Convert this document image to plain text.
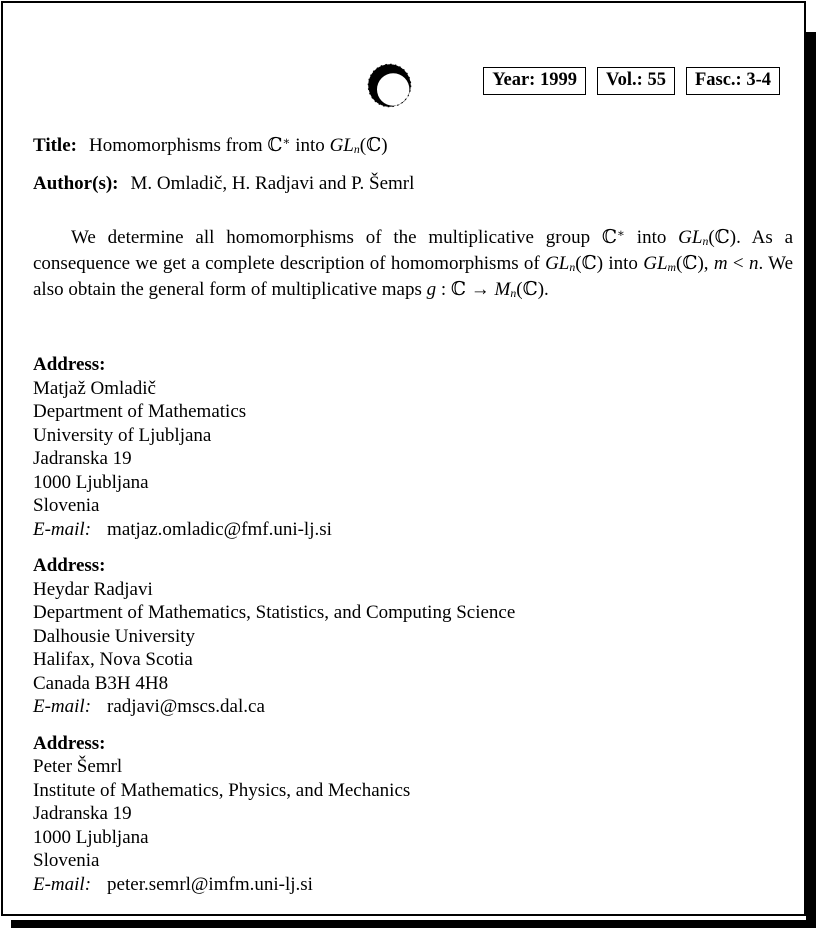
Year: 1999	Vol.: 55	Fasc.: 3-4
Title: Homomorphisms from ℂ∗ into $GL_n(ℂ)$
Author(s): M. Omladič, H. Radjavi and P. Šemrl
We determine all homomorphisms of the multiplicative group ℂ∗ into $GL_n(ℂ)$. As a consequence we get a complete description of homomorphisms of $GL_n(ℂ)$ into $GL_m(ℂ)$, m < n. We also obtain the general form of multiplicative maps g : ℂ → $M_n(ℂ)$.
Address:
Matjaž Omladič
Department of Mathematics
University of Ljubljana
Jadranska 19
1000 Ljubljana
Slovenia
E-mail: matjaz.omladic@fmf.uni-lj.si
Address:
Heydar Radjavi
Department of Mathematics, Statistics, and Computing Science
Dalhousie University
Halifax, Nova Scotia
Canada B3H 4H8
E-mail: radjavi@mscs.dal.ca
Address:
Peter Šemrl
Institute of Mathematics, Physics, and Mechanics
Jadranska 19
1000 Ljubljana
Slovenia
E-mail: peter.semrl@imfm.uni-lj.si
